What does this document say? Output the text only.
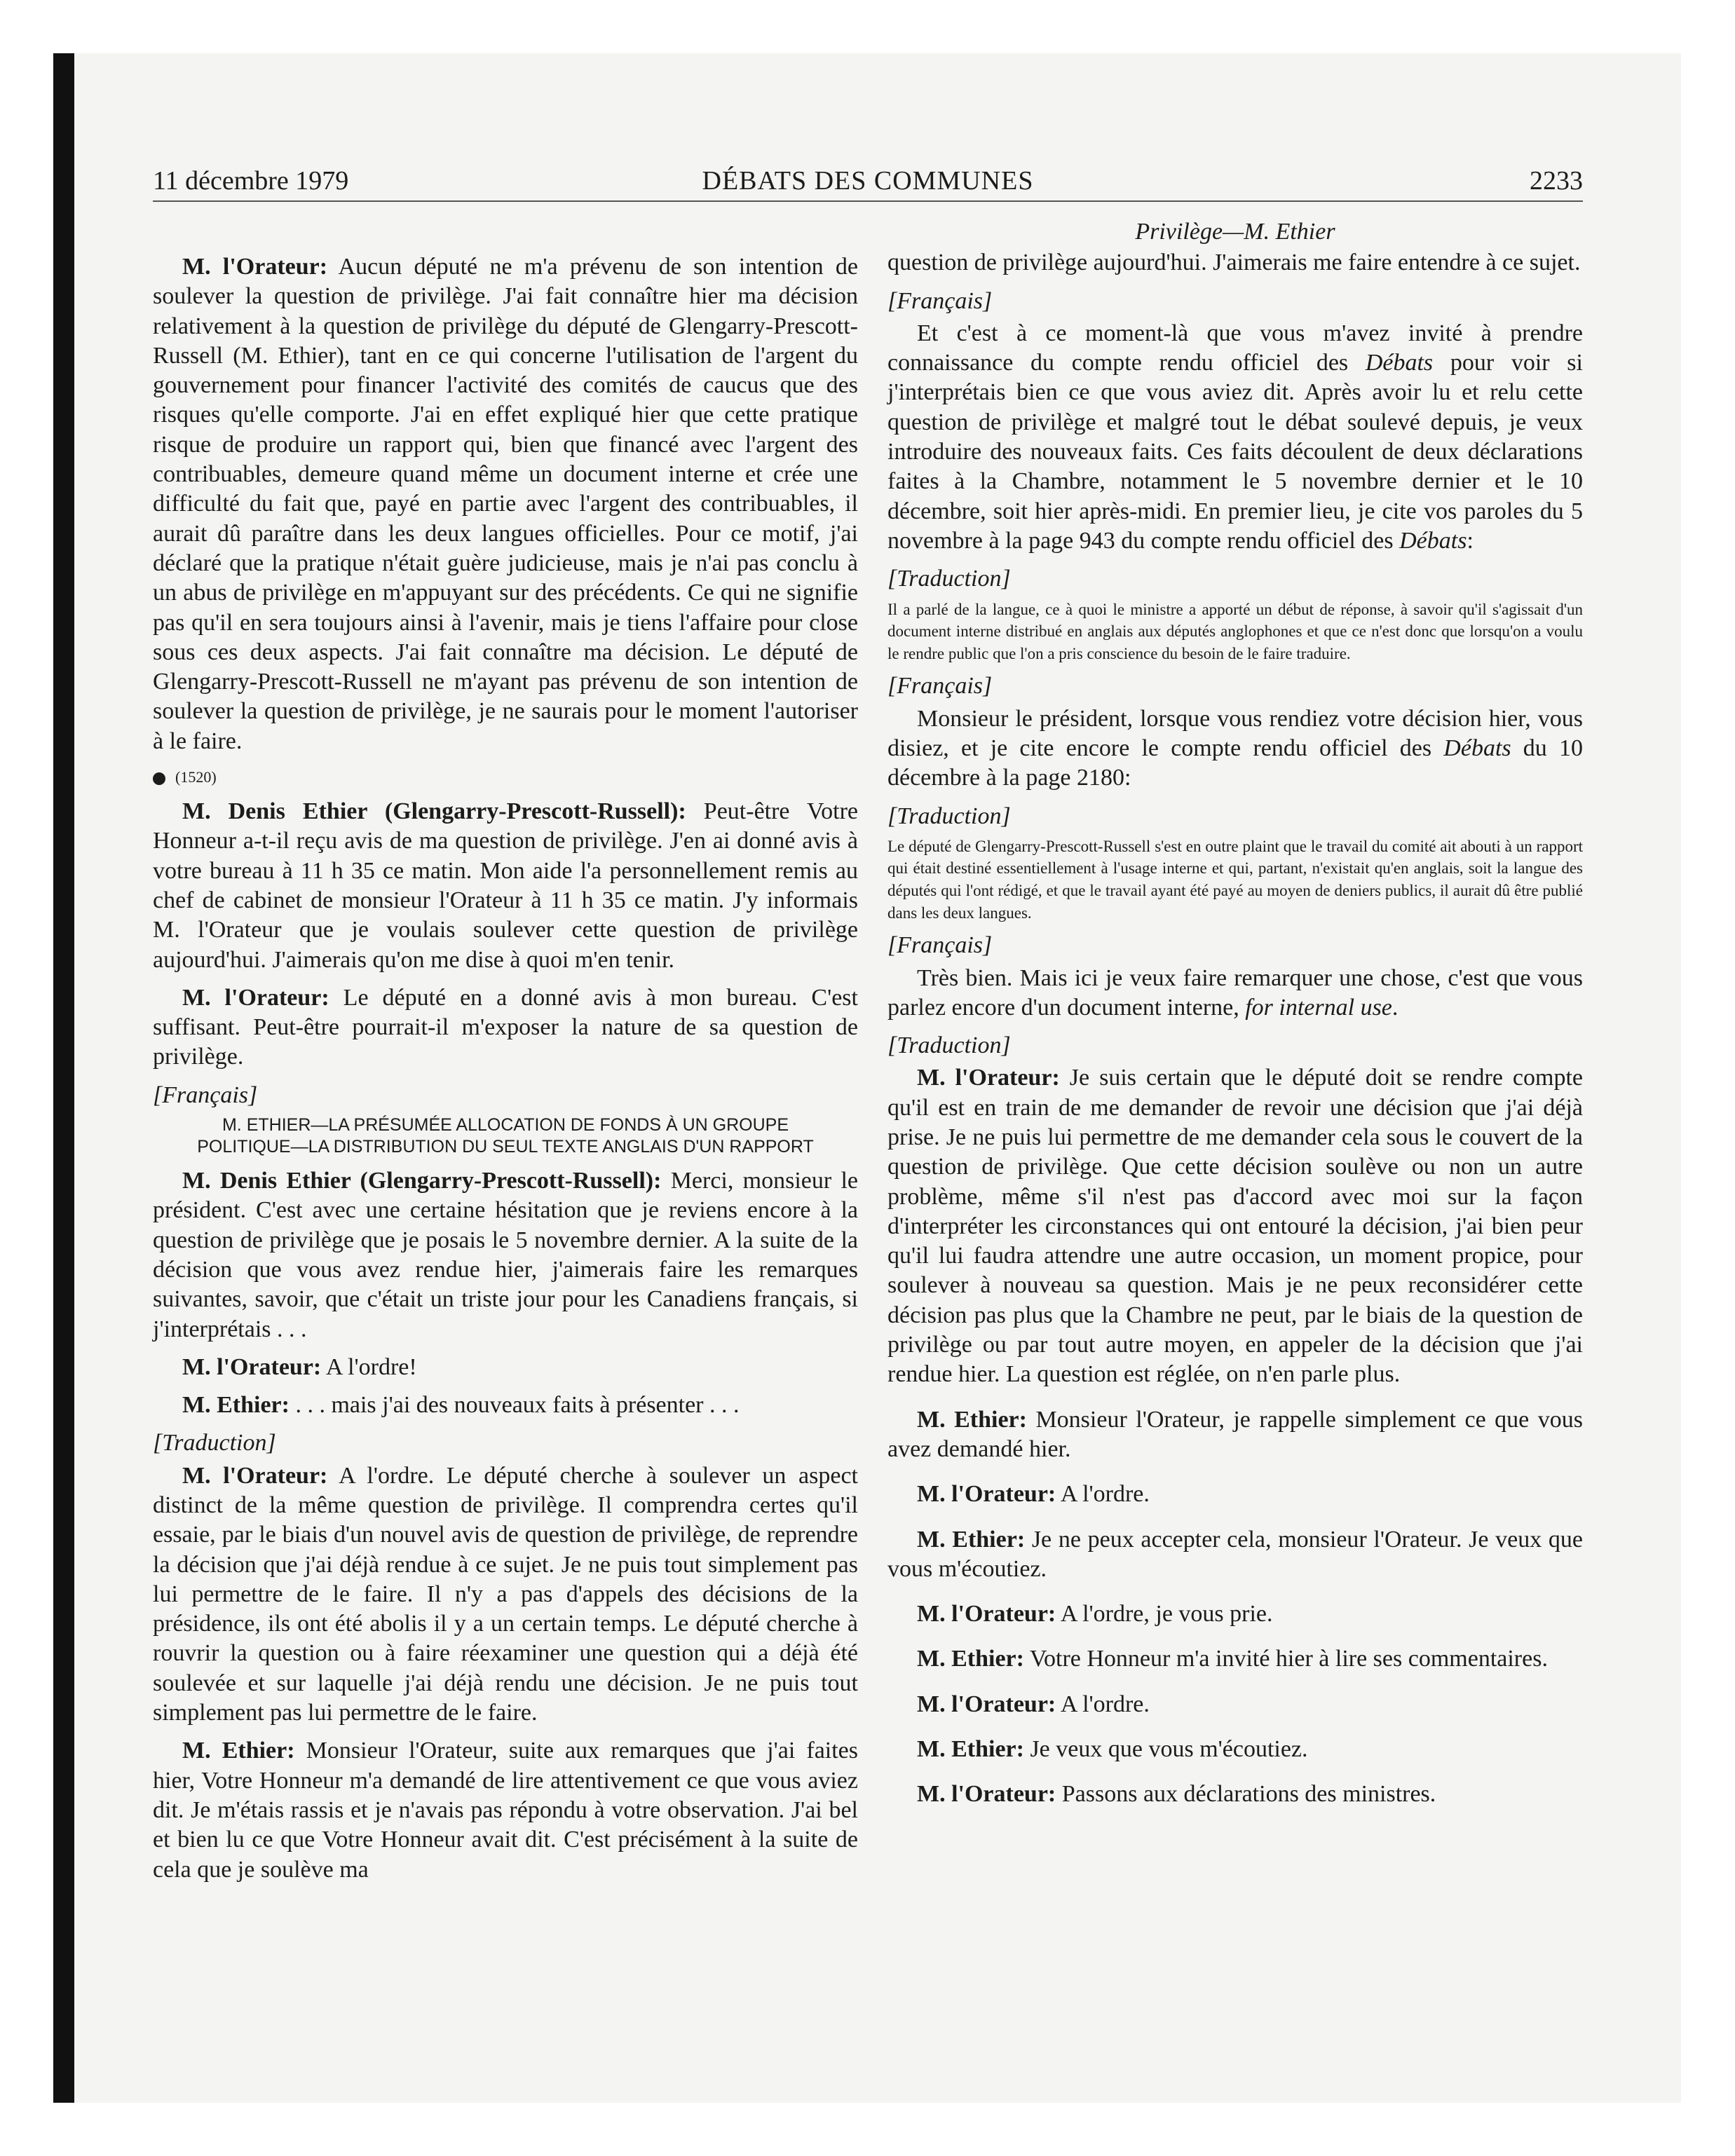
11 décembre 1979	DÉBATS DES COMMUNES	2233

M. l'Orateur: Aucun député ne m'a prévenu de son intention de soulever la question de privilège. J'ai fait connaître hier ma décision relativement à la question de privilège du député de Glengarry-Prescott-Russell (M. Ethier), tant en ce qui concerne l'utilisation de l'argent du gouvernement pour financer l'activité des comités de caucus que des risques qu'elle comporte. J'ai en effet expliqué hier que cette pratique risque de produire un rapport qui, bien que financé avec l'argent des contribuables, demeure quand même un document interne et crée une difficulté du fait que, payé en partie avec l'argent des contribuables, il aurait dû paraître dans les deux langues officielles. Pour ce motif, j'ai déclaré que la pratique n'était guère judicieuse, mais je n'ai pas conclu à un abus de privilège en m'appuyant sur des précédents. Ce qui ne signifie pas qu'il en sera toujours ainsi à l'avenir, mais je tiens l'affaire pour close sous ces deux aspects. J'ai fait connaître ma décision. Le député de Glengarry-Prescott-Russell ne m'ayant pas prévenu de son intention de soulever la question de privilège, je ne saurais pour le moment l'autoriser à le faire.

(1520)

M. Denis Ethier (Glengarry-Prescott-Russell): Peut-être Votre Honneur a-t-il reçu avis de ma question de privilège. J'en ai donné avis à votre bureau à 11 h 35 ce matin. Mon aide l'a personnellement remis au chef de cabinet de monsieur l'Orateur à 11 h 35 ce matin. J'y informais M. l'Orateur que je voulais soulever cette question de privilège aujourd'hui. J'aimerais qu'on me dise à quoi m'en tenir.

M. l'Orateur: Le député en a donné avis à mon bureau. C'est suffisant. Peut-être pourrait-il m'exposer la nature de sa question de privilège.

[Français]

M. ETHIER—LA PRÉSUMÉE ALLOCATION DE FONDS À UN GROUPE POLITIQUE—LA DISTRIBUTION DU SEUL TEXTE ANGLAIS D'UN RAPPORT

M. Denis Ethier (Glengarry-Prescott-Russell): Merci, monsieur le président. C'est avec une certaine hésitation que je reviens encore à la question de privilège que je posais le 5 novembre dernier. A la suite de la décision que vous avez rendue hier, j'aimerais faire les remarques suivantes, savoir, que c'était un triste jour pour les Canadiens français, si j'interprétais . . .

M. l'Orateur: A l'ordre!

M. Ethier: . . . mais j'ai des nouveaux faits à présenter . . .

[Traduction]

M. l'Orateur: A l'ordre. Le député cherche à soulever un aspect distinct de la même question de privilège. Il comprendra certes qu'il essaie, par le biais d'un nouvel avis de question de privilège, de reprendre la décision que j'ai déjà rendue à ce sujet. Je ne puis tout simplement pas lui permettre de le faire. Il n'y a pas d'appels des décisions de la présidence, ils ont été abolis il y a un certain temps. Le député cherche à rouvrir la question ou à faire réexaminer une question qui a déjà été soulevée et sur laquelle j'ai déjà rendu une décision. Je ne puis tout simplement pas lui permettre de le faire.

M. Ethier: Monsieur l'Orateur, suite aux remarques que j'ai faites hier, Votre Honneur m'a demandé de lire attentivement ce que vous aviez dit. Je m'étais rassis et je n'avais pas répondu à votre observation. J'ai bel et bien lu ce que Votre Honneur avait dit. C'est précisément à la suite de cela que je soulève ma

Privilège—M. Ethier

question de privilège aujourd'hui. J'aimerais me faire entendre à ce sujet.

[Français]

Et c'est à ce moment-là que vous m'avez invité à prendre connaissance du compte rendu officiel des Débats pour voir si j'interprétais bien ce que vous aviez dit. Après avoir lu et relu cette question de privilège et malgré tout le débat soulevé depuis, je veux introduire des nouveaux faits. Ces faits découlent de deux déclarations faites à la Chambre, notamment le 5 novembre dernier et le 10 décembre, soit hier après-midi. En premier lieu, je cite vos paroles du 5 novembre à la page 943 du compte rendu officiel des Débats:

[Traduction]

Il a parlé de la langue, ce à quoi le ministre a apporté un début de réponse, à savoir qu'il s'agissait d'un document interne distribué en anglais aux députés anglophones et que ce n'est donc que lorsqu'on a voulu le rendre public que l'on a pris conscience du besoin de le faire traduire.

[Français]

Monsieur le président, lorsque vous rendiez votre décision hier, vous disiez, et je cite encore le compte rendu officiel des Débats du 10 décembre à la page 2180:

[Traduction]

Le député de Glengarry-Prescott-Russell s'est en outre plaint que le travail du comité ait abouti à un rapport qui était destiné essentiellement à l'usage interne et qui, partant, n'existait qu'en anglais, soit la langue des députés qui l'ont rédigé, et que le travail ayant été payé au moyen de deniers publics, il aurait dû être publié dans les deux langues.

[Français]

Très bien. Mais ici je veux faire remarquer une chose, c'est que vous parlez encore d'un document interne, for internal use.

[Traduction]

M. l'Orateur: Je suis certain que le député doit se rendre compte qu'il est en train de me demander de revoir une décision que j'ai déjà prise. Je ne puis lui permettre de me demander cela sous le couvert de la question de privilège. Que cette décision soulève ou non un autre problème, même s'il n'est pas d'accord avec moi sur la façon d'interpréter les circonstances qui ont entouré la décision, j'ai bien peur qu'il lui faudra attendre une autre occasion, un moment propice, pour soulever à nouveau sa question. Mais je ne peux reconsidérer cette décision pas plus que la Chambre ne peut, par le biais de la question de privilège ou par tout autre moyen, en appeler de la décision que j'ai rendue hier. La question est réglée, on n'en parle plus.

M. Ethier: Monsieur l'Orateur, je rappelle simplement ce que vous avez demandé hier.

M. l'Orateur: A l'ordre.

M. Ethier: Je ne peux accepter cela, monsieur l'Orateur. Je veux que vous m'écoutiez.

M. l'Orateur: A l'ordre, je vous prie.

M. Ethier: Votre Honneur m'a invité hier à lire ses commentaires.

M. l'Orateur: A l'ordre.

M. Ethier: Je veux que vous m'écoutiez.

M. l'Orateur: Passons aux déclarations des ministres.
